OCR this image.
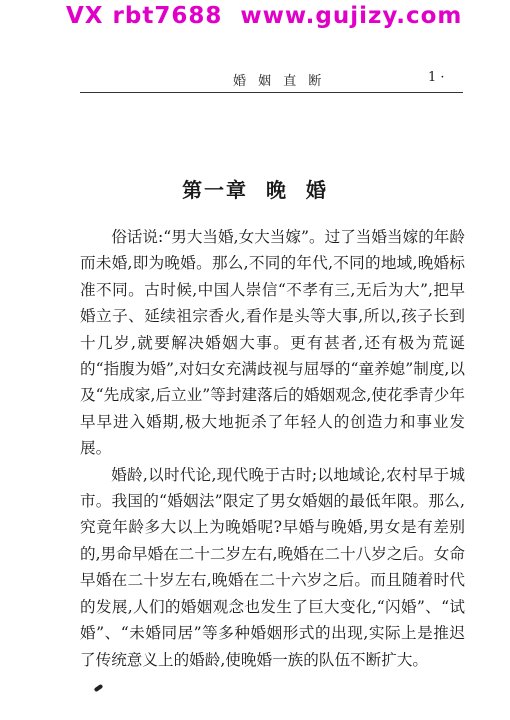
VX rbt7688  www.gujizy.com
婚 姻 直 断	1 ·
第一章  晚  婚

俗话说:“男大当婚,女大当嫁”。过了当婚当嫁的年龄而未婚,即为晚婚。那么,不同的年代,不同的地域,晚婚标准不同。古时候,中国人崇信“不孝有三,无后为大”,把早婚立子、延续祖宗香火,看作是头等大事,所以,孩子长到十几岁,就要解决婚姻大事。更有甚者,还有极为荒诞的“指腹为婚”,对妇女充满歧视与屈辱的“童养媳”制度,以及“先成家,后立业”等封建落后的婚姻观念,使花季青少年早早进入婚期,极大地扼杀了年轻人的创造力和事业发展。

婚龄,以时代论,现代晚于古时;以地域论,农村早于城市。我国的“婚姻法”限定了男女婚姻的最低年限。那么,究竟年龄多大以上为晚婚呢?早婚与晚婚,男女是有差别的,男命早婚在二十二岁左右,晚婚在二十八岁之后。女命早婚在二十岁左右,晚婚在二十六岁之后。而且随着时代的发展,人们的婚姻观念也发生了巨大变化,“闪婚”、“试婚”、“未婚同居”等多种婚姻形式的出现,实际上是推迟了传统意义上的婚龄,使晚婚一族的队伍不断扩大。
